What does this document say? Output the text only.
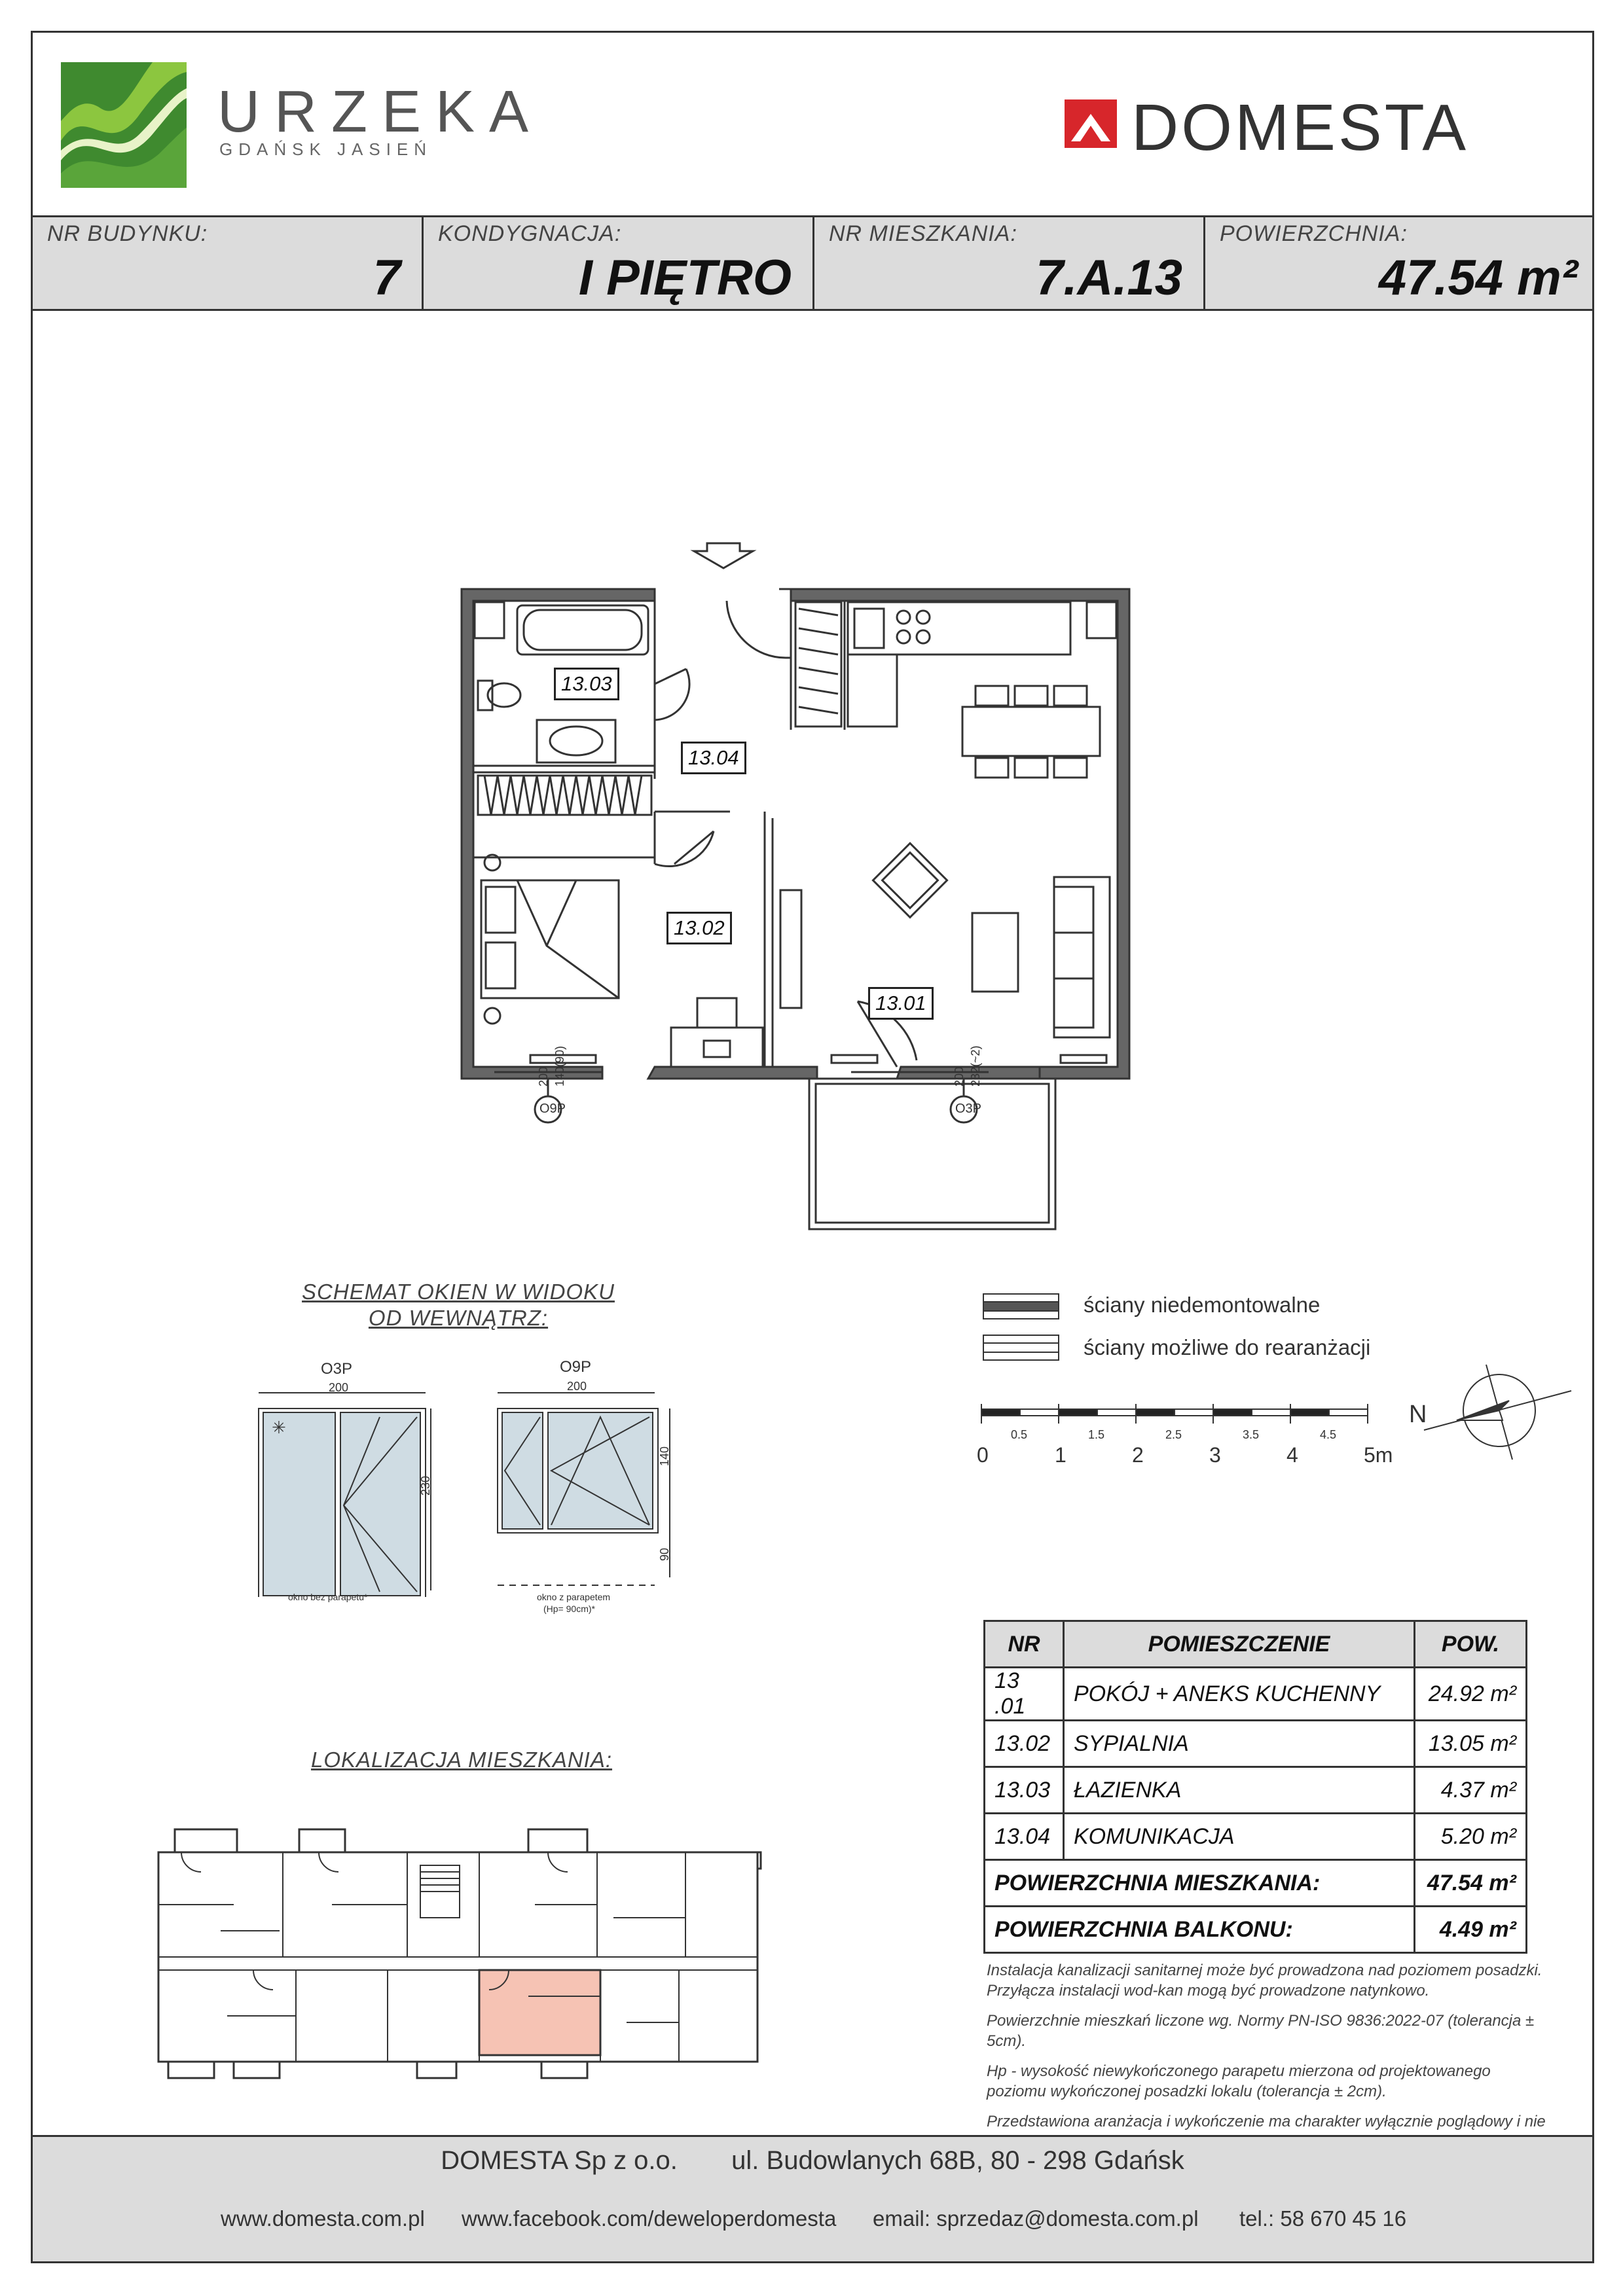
URZEKA
GDAŃSK JASIEŃ	DOMESTA
NR BUDYNKU:
7
KONDYGNACJA:
I PIĘTRO
NR MIESZKANIA:
7.A.13
POWIERZCHNIA:
47.54 m²
O9P	O3P
200 140(90)	200 232(~2)
13.03
13.04
13.02
13.01
SCHEMAT OKIEN W WIDOKU
OD WEWNĄTRZ:
O3P
200
✳
230
okno bez parapetu*
O9P
200
140
90
okno z parapetem
(Hp= 90cm)*
ściany niedemontowalne
ściany możliwe do rearanżacji
0.5	1.5	2.5	3.5	4.5
0	1	2	3	4	5m
N
LOKALIZACJA MIESZKANIA:
NR	POMIESZCZENIE	POW.
13 .01	POKÓJ + ANEKS KUCHENNY	24.92 m²
13.02	SYPIALNIA	13.05 m²
13.03	ŁAZIENKA	4.37 m²
13.04	KOMUNIKACJA	5.20 m²
POWIERZCHNIA MIESZKANIA:		47.54 m²
POWIERZCHNIA BALKONU:		4.49 m²

Instalacja kanalizacji sanitarnej może być prowadzona nad poziomem posadzki. Przyłącza instalacji wod-kan mogą być prowadzone natynkowo.

Powierzchnie mieszkań liczone wg. Normy PN-ISO 9836:2022-07 (tolerancja ± 5cm).

Hp - wysokość niewykończonego parapetu mierzona od projektowanego poziomu wykończonej posadzki lokalu (tolerancja ± 2cm).

Przedstawiona aranżacja i wykończenie ma charakter wyłącznie poglądowy i nie

DOMESTA Sp z o.o. ul. Budowlanych 68B, 80 - 298 Gdańsk
www.domesta.com.pl www.facebook.com/deweloperdomesta email: sprzedaz@domesta.com.pl tel.: 58 670 45 16
